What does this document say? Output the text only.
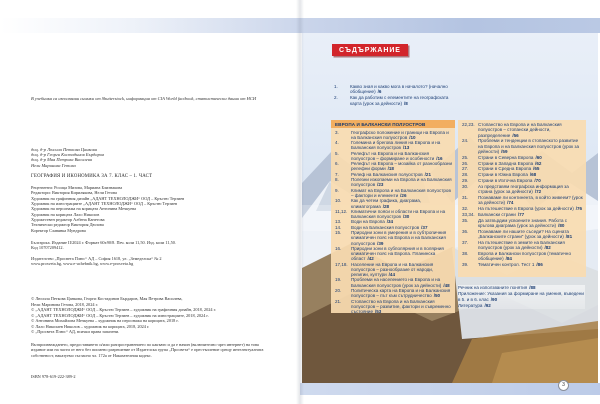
В учебника са използвани снимки от Shutterstock, информация от CIA World factbook, статистически данни от НСИ
доц. д-р Люсила Петкова Цанкова
доц. д-р Георги Костадинов Бърдаров
доц. д-р Мая Петрова Василева
Нели Маринова Гетова
ГЕОГРАФИЯ И ИКОНОМИКА ЗА 7. КЛАС – 1. ЧАСТ
Рецензенти: Росица Мизова, Мариана Близнакова
Редактори: Виктория Кирилякова, Нели Гетова
Художник на графичния дизайн „АДАНТ ТЕХНОЛОДЖИ“ ООД – Кръстю Терзиев
Художник на илюстрациите „АДАНТ ТЕХНОЛОДЖИ“ ООД – Кръстю Терзиев
Художник на персонажа на корицата Антонина Мечкуева
Художник на корицата Лало Николов
Художествен редактор Албена Канетова
Технически редактор Виктория Дюлова
Коректор Славянка Мундрова
Българска. Издание II/2024 г. Формат 60х90/8. Печ. коли 11,50. Изд. коли 11,50.
Код 10707209412.
Издателство „Просвета Плюс“ АД – София 1618, ул. „Земеделска“ № 2
www.prosveta.bg, www.e-uchebnik.bg, www.e-prosveta.bg
© Люсила Петкова Цанкова, Георги Костадинов Бърдаров, Мая Петрова Василева,
Нели Маринова Гетова, 2018, 2024 г.
© „АДАНТ ТЕХНОЛОДЖИ“ ООД – Кръстю Терзиев – художник на графичния дизайн, 2018, 2024 г.
© „АДАНТ ТЕХНОЛОДЖИ“ ООД – Кръстю Терзиев – художник на илюстрациите, 2018, 2024 г.
© Антонина Михайлова Мечкуева – художник на персонажа на корицата, 2018 г.
© Лало Николаев Николов – художник на корицата, 2018, 2024 г.
© „Просвета Плюс“ АД, всички права запазени.
Възпроизвеждането, предоставянето и/или разпространението по какъвто и да е начин (включително чрез интернет) на това издание или на части от него без писмено разрешение от Издателска група „Просвета“ е престъпление срещу интелектуалната собственост, наказуемо съгласно чл. 172а от Наказателния кодекс.
ISBN 978-619-222-389-2
СЪДЪРЖАНИЕ
1.	Какво зная и какво мога в началото? (начално обобщение) /6
2.	Как да работим с елементите на географската карта (урок за дейности) /8
ЕВРОПА И БАЛКАНСКИ ПОЛУОСТРОВ
3.	Географско положение и граници на Европа и на Балканския полуостров /10
4.	Големина и брегова линия на Европа и на Балканския полуостров /13
5.	Релефът на Европа и на Балканския полуостров – формиране и особености /16
6.	Релефът на Европа – мозайка от разнообразни релефни форми /18
7.	Релеф на Балканския полуостров /21
8.	Полезни изкопаеми на Европа и на Балканския полуостров /23
9.	Климат на Европа и на Балканския полуостров – фактори и елементи /26
10.	Как да четем графика, диаграма, климатограма /28
11,12. Климатични пояси и области на Европа и на Балканския полуостров /30
13.	Води на Европа /34
14.	Води на Балканския полуостров /37
15.	Природни зони в умерения и в субтропичния климатичен пояс на Европа и на Балканския полуостров /39
16.	Природни зони в субполярния и в полярния климатичен пояс на Европа. Планинска област /42
17,18. Население на Европа и на Балканския полуостров – разнообразие от народи, религии, култури /44
19.	Проблеми на населението на Европа и на Балканския полуостров (урок за дейности) /48
20.	Политическа карта на Европа и на Балканския полуостров – път към сътрудничество /50
21.	Стопанство на Европа и на Балканския полуостров – развитие, фактори и съвременно състояние /53
22,23. Стопанство на Европа и на Балканския полуостров – стопански дейности, разпределение /56
24.	Проблеми и тенденции в стопанското развитие на Европа и на Балканския полуостров (урок за дейности) /59
25.	Страни в Северна Европа /60
26.	Страни в Западна Европа /62
27.	Страни в Средна Европа /65
28.	Страни в Южна Европа /68
29.	Страни в Източна Европа /70
30.	Аз представям географска информация за страна (урок за дейности) /72
31.	Познаваме ли континента, в който живеем? (урок за дейности) /74
32.	На пътешествие в Европа (урок за дейности) /76
33,34. Балкански страни /77
35.	Да затвърдим усвоените знания. Работа с кръгова диаграма (урок за дейности) /80
36.	Познаваме ли нашите съседи? На сцената „Балканските страни“ (урок за дейности) /81
37.	На пътешествие в земите на Балканския полуостров (урок за дейности) /82
38.	Европа и Балкански полуостров (тематично обобщение) /84
39.	Тематичен контрол. Тест 1 /86
Речник на използваните понятия /88
Приложение: Указания за формиране на умения, въведени в 5. и в 6. клас /90
Литература /92
3
